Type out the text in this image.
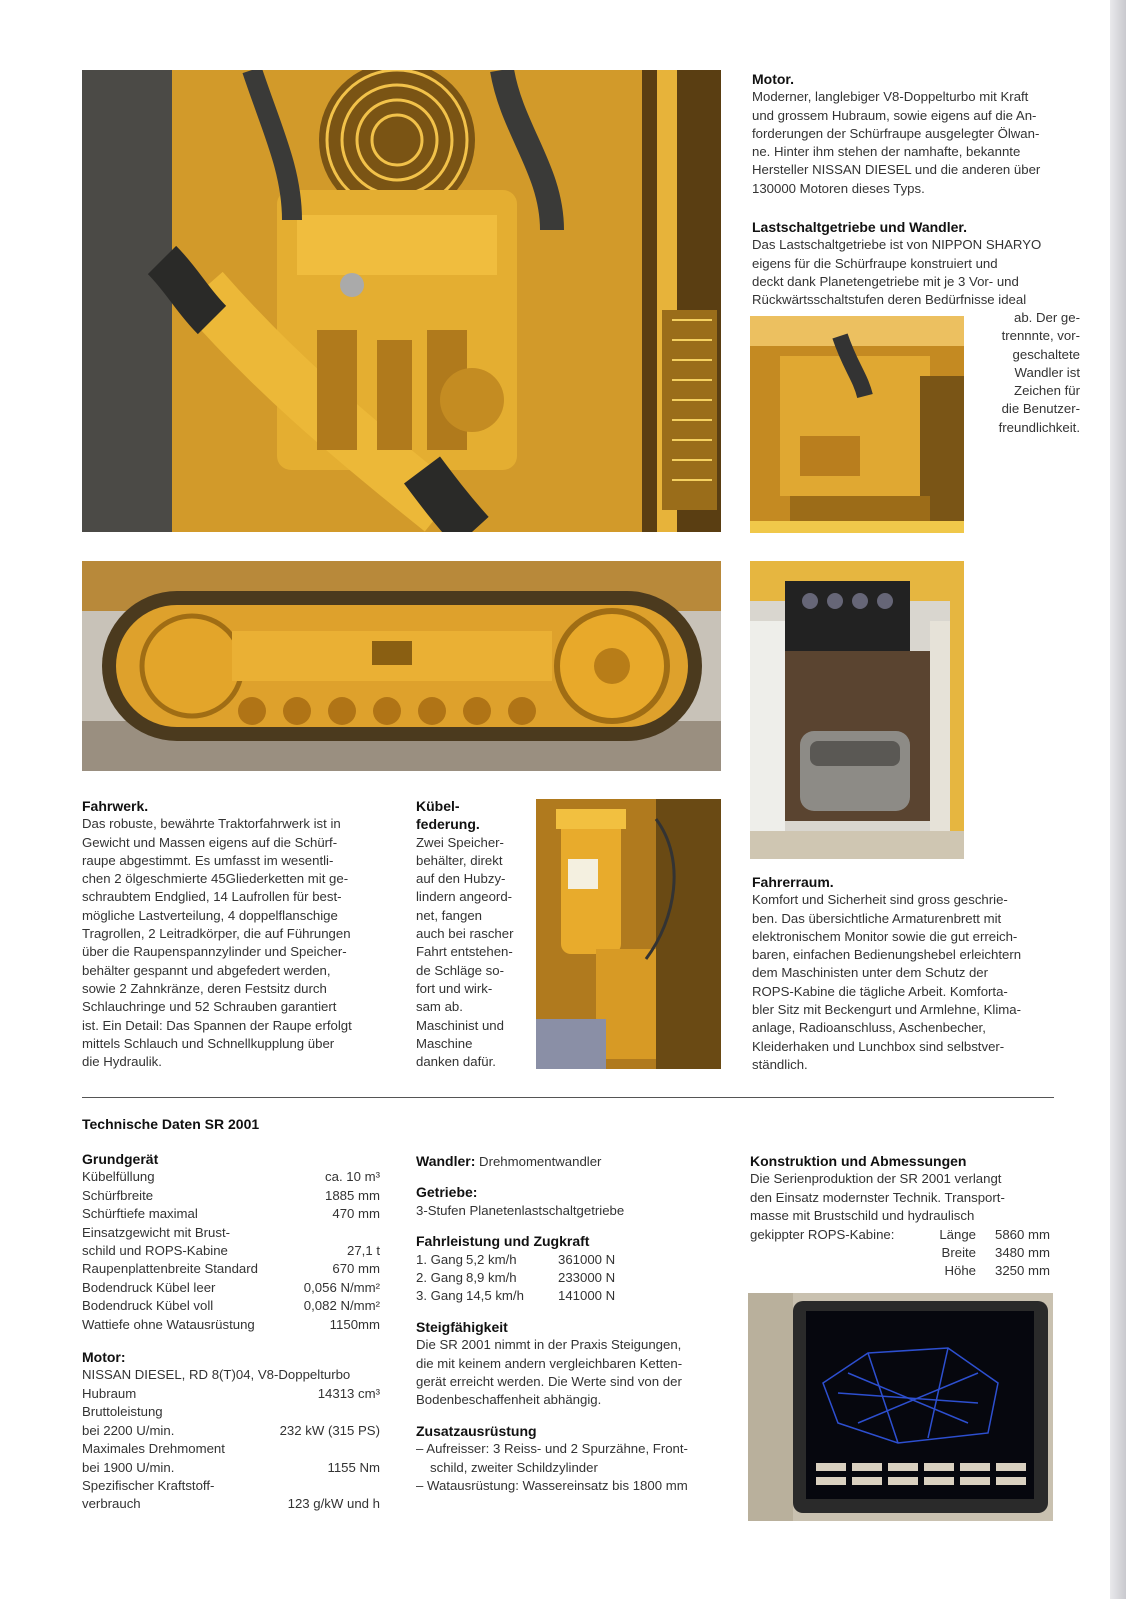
Motor.
Moderner, langlebiger V8-Doppelturbo mit Kraft
und grossem Hubraum, sowie eigens auf die An-
forderungen der Schürfraupe ausgelegter Ölwan-
ne. Hinter ihm stehen der namhafte, bekannte
Hersteller NISSAN DIESEL und die anderen über
130000 Motoren dieses Typs.
Lastschaltgetriebe und Wandler.
Das Lastschaltgetriebe ist von NIPPON SHARYO
eigens für die Schürfraupe konstruiert und
deckt dank Planetengetriebe mit je 3 Vor- und
Rückwärtsschaltstufen deren Bedürfnisse ideal
ab. Der ge-
trennnte, vor-
geschaltete
Wandler ist
Zeichen für
die Benutzer-
freundlichkeit.
Fahrwerk.
Das robuste, bewährte Traktorfahrwerk ist in
Gewicht und Massen eigens auf die Schürf-
raupe abgestimmt. Es umfasst im wesentli-
chen 2 ölgeschmierte 45Gliederketten mit ge-
schraubtem Endglied, 14 Laufrollen für best-
mögliche Lastverteilung, 4 doppelflanschige
Tragrollen, 2 Leitradkörper, die auf Führungen
über die Raupenspannzylinder und Speicher-
behälter gespannt und abgefedert werden,
sowie 2 Zahnkränze, deren Festsitz durch
Schlauchringe und 52 Schrauben garantiert
ist. Ein Detail: Das Spannen der Raupe erfolgt
mittels Schlauch und Schnellkupplung über
die Hydraulik.
Kübel-
federung.
Zwei Speicher-
behälter, direkt
auf den Hubzy-
lindern angeord-
net, fangen
auch bei rascher
Fahrt entstehen-
de Schläge so-
fort und wirk-
sam ab.
Maschinist und
Maschine
danken dafür.
Fahrerraum.
Komfort und Sicherheit sind gross geschrie-
ben. Das übersichtliche Armaturenbrett mit
elektronischem Monitor sowie die gut erreich-
baren, einfachen Bedienungshebel erleichtern
dem Maschinisten unter dem Schutz der
ROPS-Kabine die tägliche Arbeit. Komforta-
bler Sitz mit Beckengurt und Armlehne, Klima-
anlage, Radioanschluss, Aschenbecher,
Kleiderhaken und Lunchbox sind selbstver-
ständlich.
Technische Daten SR 2001
Grundgerät
Kübelfüllung	ca. 10 m³
Schürfbreite	1885 mm
Schürftiefe maximal	470 mm
Einsatzgewicht mit Brust-
schild und ROPS-Kabine	27,1 t
Raupenplattenbreite Standard	670 mm
Bodendruck Kübel leer	0,056 N/mm²
Bodendruck Kübel voll	0,082 N/mm²
Wattiefe ohne Watausrüstung	1150mm
Motor:
NISSAN DIESEL, RD 8(T)04, V8-Doppelturbo
Hubraum	14313 cm³
Bruttoleistung
bei 2200 U/min.	232 kW (315 PS)
Maximales Drehmoment
bei 1900 U/min.	1155 Nm
Spezifischer Kraftstoff-
verbrauch	123 g/kW und h
Wandler: Drehmomentwandler
Getriebe:
3-Stufen Planetenlastschaltgetriebe
Fahrleistung und Zugkraft
1. Gang 5,2 km/h	361000 N
2. Gang 8,9 km/h	233000 N
3. Gang 14,5 km/h	141000 N
Steigfähigkeit
Die SR 2001 nimmt in der Praxis Steigungen,
die mit keinem andern vergleichbaren Ketten-
gerät erreicht werden. Die Werte sind von der
Bodenbeschaffenheit abhängig.
Zusatzausrüstung
– Aufreisser: 3 Reiss- und 2 Spurzähne, Front-
schild, zweiter Schildzylinder
– Watausrüstung: Wassereinsatz bis 1800 mm
Konstruktion und Abmessungen
Die Serienproduktion der SR 2001 verlangt
den Einsatz modernster Technik. Transport-
masse mit Brustschild und hydraulisch
gekippter ROPS-Kabine:	Länge	5860 mm
Breite	3480 mm
Höhe	3250 mm
